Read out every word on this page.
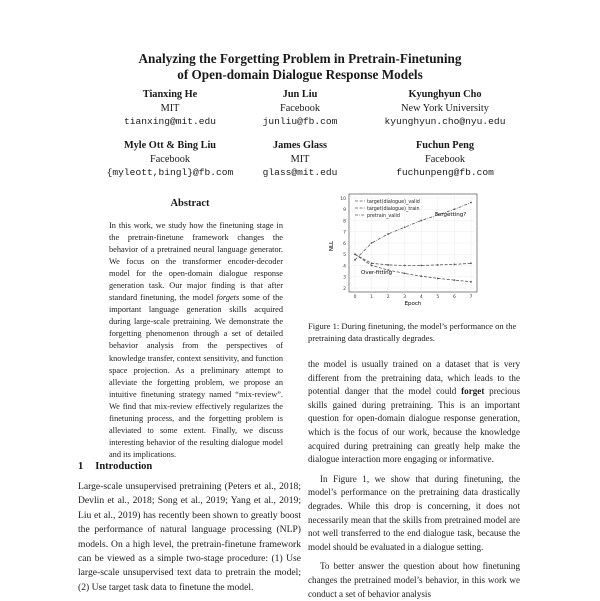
Analyzing the Forgetting Problem in Pretrain-Finetuning
of Open-domain Dialogue Response Models
Tianxing He
MIT
tianxing@mit.edu
Jun Liu
Facebook
junliu@fb.com
Kyunghyun Cho
New York University
kyunghyun.cho@nyu.edu
Myle Ott & Bing Liu
Facebook
{myleott,bingl}@fb.com
James Glass
MIT
glass@mit.edu
Fuchun Peng
Facebook
fuchunpeng@fb.com
Abstract
In this work, we study how the finetuning stage in the pretrain-finetune framework changes the behavior of a pretrained neural language generator. We focus on the transformer encoder-decoder model for the open-domain dialogue response generation task. Our major finding is that after standard finetuning, the model forgets some of the important language generation skills acquired during large-scale pretraining. We demonstrate the forgetting phenomenon through a set of detailed behavior analysis from the perspectives of knowledge transfer, context sensitivity, and function space projection. As a preliminary attempt to alleviate the forgetting problem, we propose an intuitive finetuning strategy named “mix-review”. We find that mix-review effectively regularizes the finetuning process, and the forgetting problem is alleviated to some extent. Finally, we discuss interesting behavior of the resulting dialogue model and its implications.
1 Introduction
Large-scale unsupervised pretraining (Peters et al., 2018; Devlin et al., 2018; Song et al., 2019; Yang et al., 2019; Liu et al., 2019) has recently been shown to greatly boost the performance of natural language processing (NLP) models. On a high level, the pretrain-finetune framework can be viewed as a simple two-stage procedure: (1) Use large-scale unsupervised text data to pretrain the model; (2) Use target task data to finetune the model.
2
3
4
5
6
7
8
9
10
0	1	2	3	4	5	6	7
target(dialogue)_valid
target(dialogue)_train
pretrain_valid
NLL
Epoch
Forgetting?
Over-fitting
Figure 1: During finetuning, the model’s performance on the pretraining data drastically degrades.

the model is usually trained on a dataset that is very different from the pretraining data, which leads to the potential danger that the model could forget precious skills gained during pretraining. This is an important question for open-domain dialogue response generation, which is the focus of our work, because the knowledge acquired during pretraining can greatly help make the dialogue interaction more engaging or informative.

In Figure 1, we show that during finetuning, the model’s performance on the pretraining data drastically degrades. While this drop is concerning, it does not necessarily mean that the skills from pretrained model are not well transferred to the end dialogue task, because the model should be evaluated in a dialogue setting.

To better answer the question about how finetuning changes the pretrained model’s behavior, in this work we conduct a set of behavior analysis
